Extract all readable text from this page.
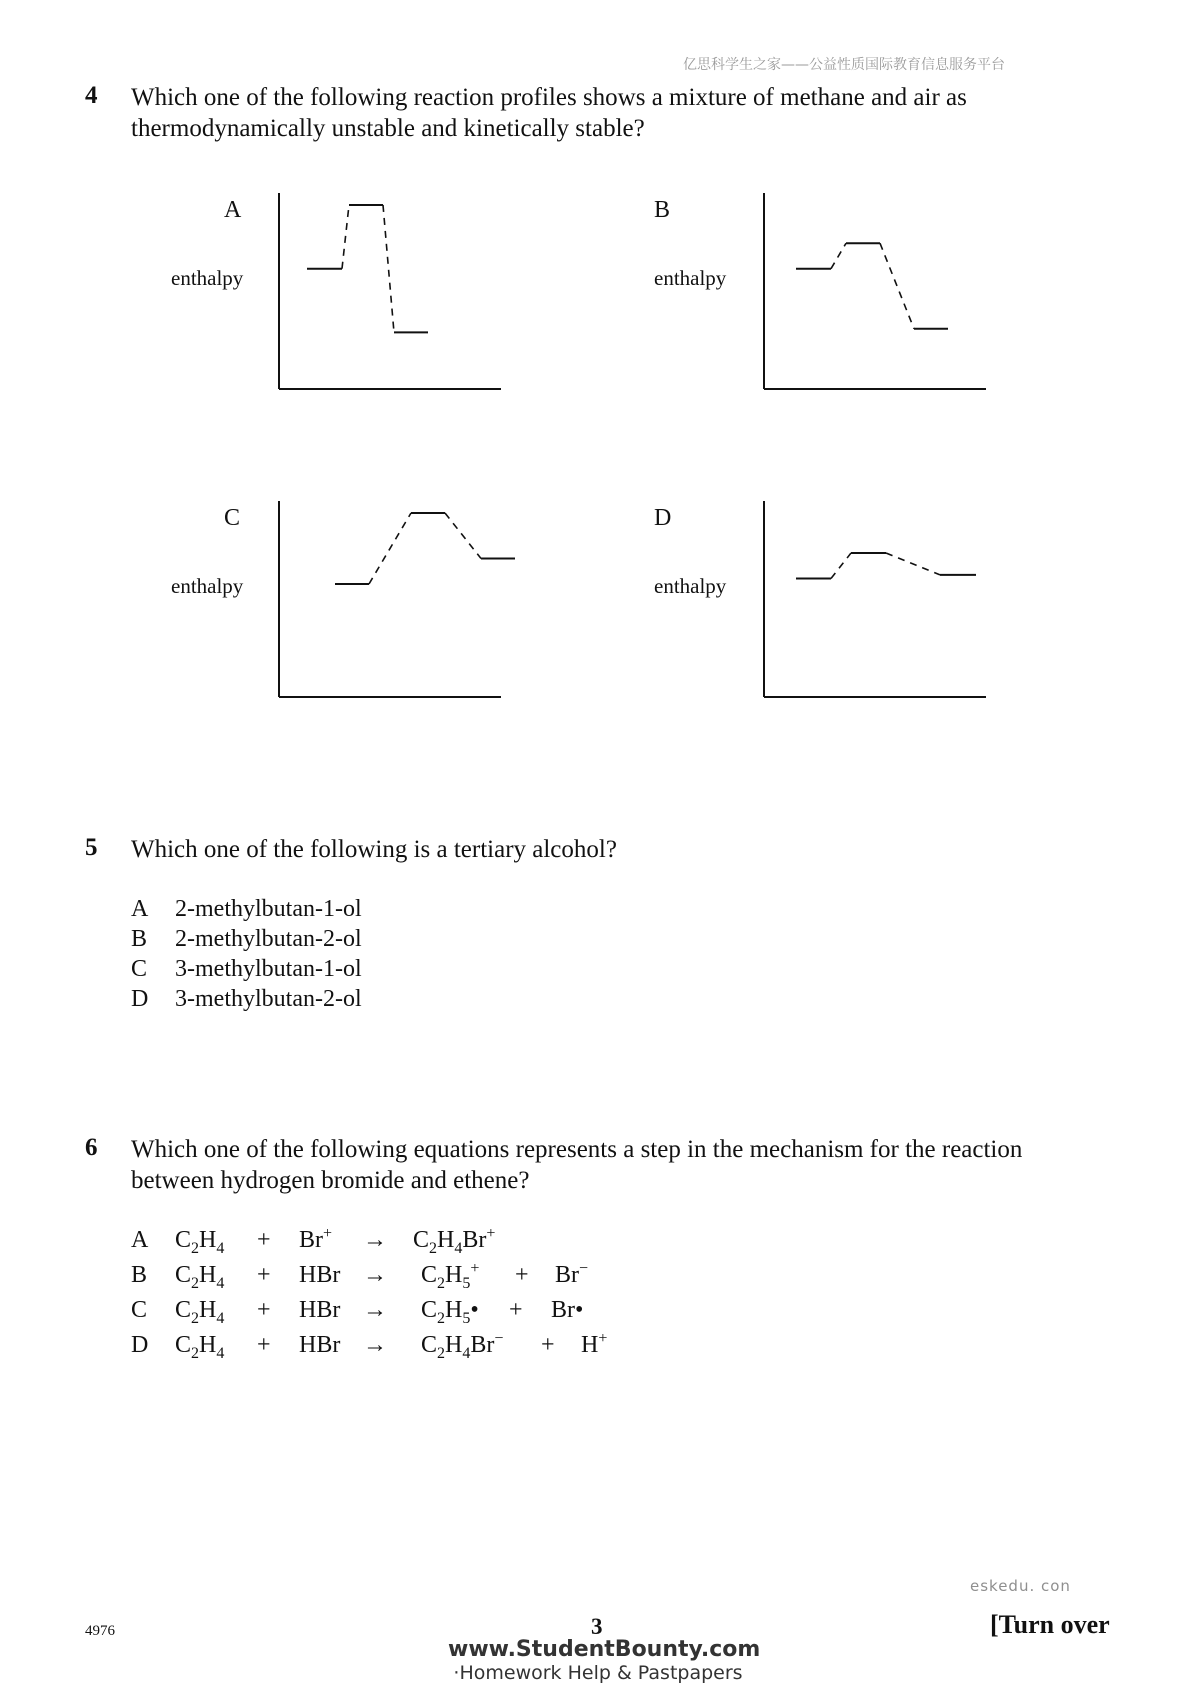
亿思科学生之家——公益性质国际教育信息服务平台
4 Which one of the following reaction profiles shows a mixture of methane and air as thermodynamically unstable and kinetically stable?
A
enthalpy
B
enthalpy
C
enthalpy
D
enthalpy
5 Which one of the following is a tertiary alcohol?
A 2-methylbutan-1-ol
B 2-methylbutan-2-ol
C 3-methylbutan-1-ol
D 3-methylbutan-2-ol
6 Which one of the following equations represents a step in the mechanism for the reaction between hydrogen bromide and ethene?
A $C_2H_4 + Br^+ \to C_2H_4Br^+$
B $C_2H_4$ + HBr → $C_2H_5^+ + Br^-$
C $C_2H_4$ + HBr → $C_2H_5•$ + Br•
D $C_2H_4$ + HBr → $C_2H_4Br^- + H^+$
eskedu. con
4976	3	[Turn over
www.StudentBounty.com
·Homework Help & Pastpapers
